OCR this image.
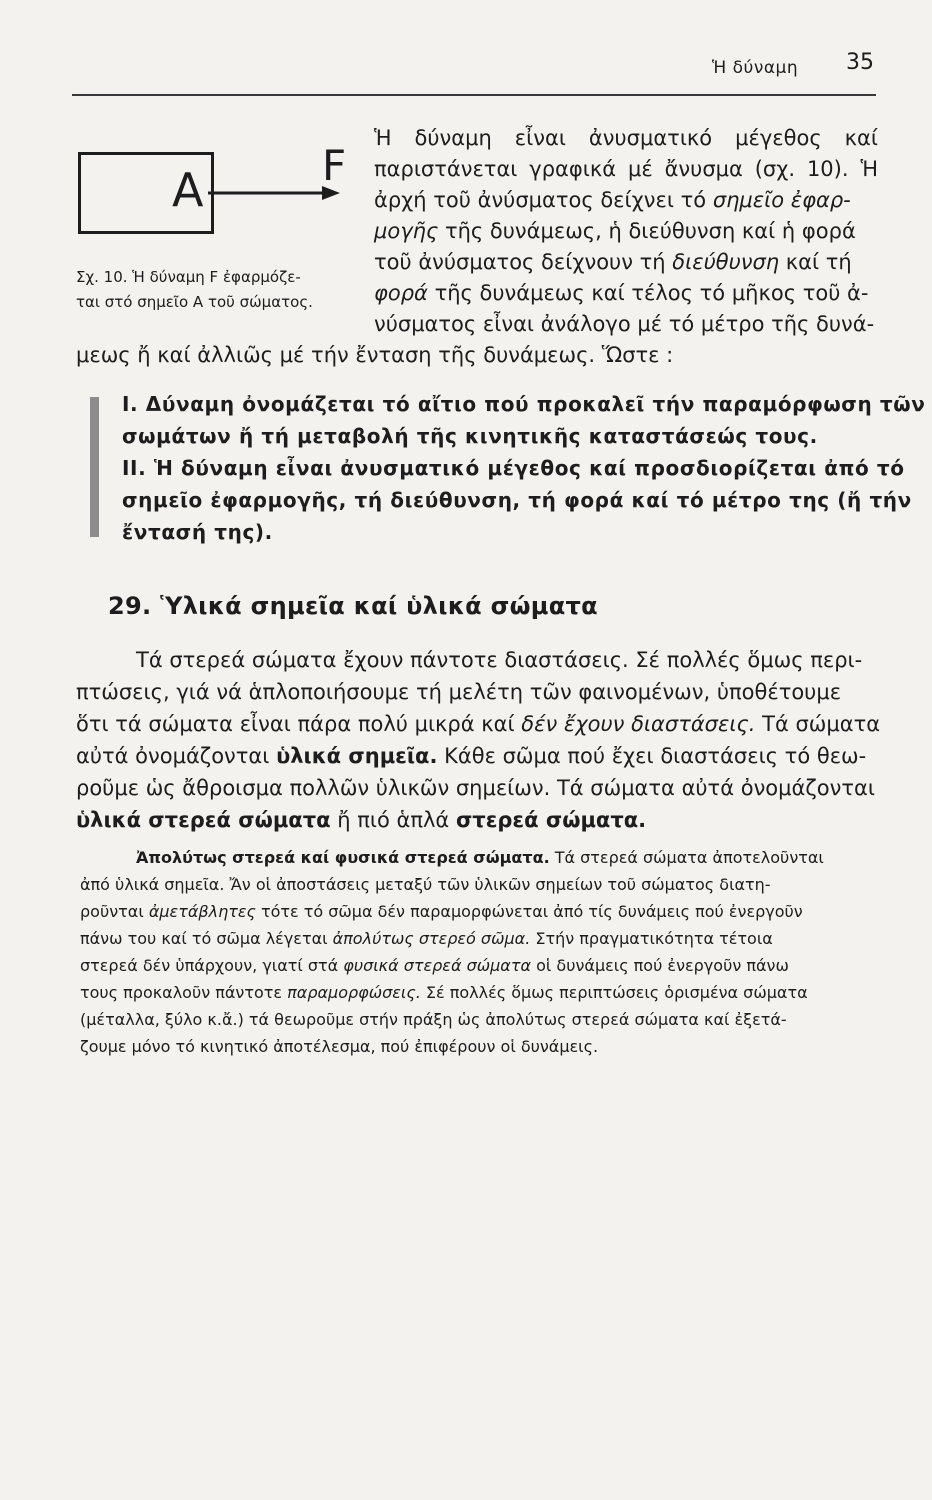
Ἡ δύναμη 35
A	F
Σχ. 10. Ἡ δύναμη F ἐφαρμόζε-
ται στό σημεῖο A τοῦ σώματος.
Ἡ δύναμη εἶναι ἀνυσματικό μέγεθος καί
παριστάνεται γραφικά μέ ἄνυσμα (σχ. 10). Ἡ
ἀρχή τοῦ ἀνύσματος δείχνει τό σημεῖο ἐφαρ-
μογῆς τῆς δυνάμεως, ἡ διεύθυνση καί ἡ φορά
τοῦ ἀνύσματος δείχνουν τή διεύθυνση καί τή
φορά τῆς δυνάμεως καί τέλος τό μῆκος τοῦ ἀ-
νύσματος εἶναι ἀνάλογο μέ τό μέτρο τῆς δυνά-
μεως ἤ καί ἀλλιῶς μέ τήν ἔνταση τῆς δυνάμεως. Ὥστε :
I. Δύναμη ὀνομάζεται τό αἴτιο πού προκαλεῖ τήν παραμόρφωση τῶν
σωμάτων ἤ τή μεταβολή τῆς κινητικῆς καταστάσεώς τους.
II. Ἡ δύναμη εἶναι ἀνυσματικό μέγεθος καί προσδιορίζεται ἀπό τό
σημεῖο ἐφαρμογῆς, τή διεύθυνση, τή φορά καί τό μέτρο της (ἤ τήν
ἔντασή της).
29. Ὑλικά σημεῖα καί ὑλικά σώματα
Τά στερεά σώματα ἔχουν πάντοτε διαστάσεις. Σέ πολλές ὅμως περι-
πτώσεις, γιά νά ἁπλοποιήσουμε τή μελέτη τῶν φαινομένων, ὑποθέτουμε
ὅτι τά σώματα εἶναι πάρα πολύ μικρά καί δέν ἔχουν διαστάσεις. Τά σώματα
αὐτά ὀνομάζονται ὑλικά σημεῖα. Κάθε σῶμα πού ἔχει διαστάσεις τό θεω-
ροῦμε ὡς ἄθροισμα πολλῶν ὑλικῶν σημείων. Τά σώματα αὐτά ὀνομάζονται
ὑλικά στερεά σώματα ἤ πιό ἁπλά στερεά σώματα.
Ἀπολύτως στερεά καί φυσικά στερεά σώματα. Τά στερεά σώματα ἀποτελοῦνται
ἀπό ὑλικά σημεῖα. Ἄν οἱ ἀποστάσεις μεταξύ τῶν ὑλικῶν σημείων τοῦ σώματος διατη-
ροῦνται ἀμετάβλητες τότε τό σῶμα δέν παραμορφώνεται ἀπό τίς δυνάμεις πού ἐνεργοῦν
πάνω του καί τό σῶμα λέγεται ἀπολύτως στερεό σῶμα. Στήν πραγματικότητα τέτοια
στερεά δέν ὑπάρχουν, γιατί στά φυσικά στερεά σώματα οἱ δυνάμεις πού ἐνεργοῦν πάνω
τους προκαλοῦν πάντοτε παραμορφώσεις. Σέ πολλές ὅμως περιπτώσεις ὁρισμένα σώματα
(μέταλλα, ξύλο κ.ἄ.) τά θεωροῦμε στήν πράξη ὡς ἀπολύτως στερεά σώματα καί ἐξετά-
ζουμε μόνο τό κινητικό ἀποτέλεσμα, πού ἐπιφέρουν οἱ δυνάμεις.
